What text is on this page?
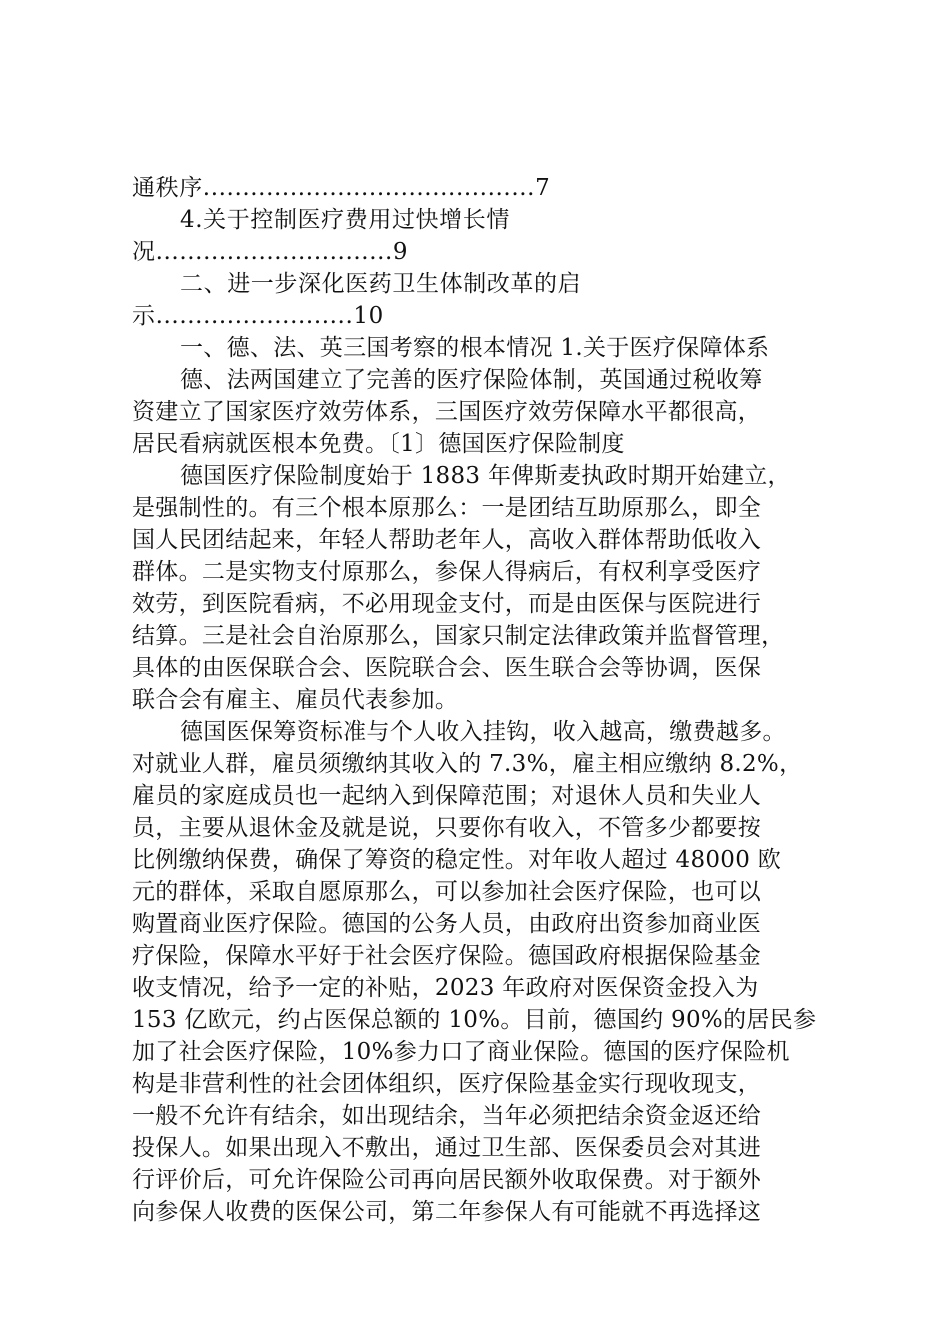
通秩序..........................................7
4.关于控制医疗费用过快增长情
况..............................9
二、进一步深化医药卫生体制改革的启
示.........................10
一、德、法、英三国考察的根本情况 1.关于医疗保障体系
德、法两国建立了完善的医疗保险体制，英国通过税收筹
资建立了国家医疗效劳体系，三国医疗效劳保障水平都很高，
居民看病就医根本免费。〔1〕德国医疗保险制度
德国医疗保险制度始于 1883 年俾斯麦执政时期开始建立，
是强制性的。有三个根本原那么：一是团结互助原那么，即全
国人民团结起来，年轻人帮助老年人，高收入群体帮助低收入
群体。二是实物支付原那么，参保人得病后，有权利享受医疗
效劳，到医院看病，不必用现金支付，而是由医保与医院进行
结算。三是社会自治原那么，国家只制定法律政策并监督管理，
具体的由医保联合会、医院联合会、医生联合会等协调，医保
联合会有雇主、雇员代表参加。
德国医保筹资标准与个人收入挂钩，收入越高，缴费越多。
对就业人群，雇员须缴纳其收入的 7.3%，雇主相应缴纳 8.2%，
雇员的家庭成员也一起纳入到保障范围；对退休人员和失业人
员，主要从退休金及就是说，只要你有收入，不管多少都要按
比例缴纳保费，确保了筹资的稳定性。对年收人超过 48000 欧
元的群体，采取自愿原那么，可以参加社会医疗保险，也可以
购置商业医疗保险。德国的公务人员，由政府出资参加商业医
疗保险，保障水平好于社会医疗保险。德国政府根据保险基金
收支情况，给予一定的补贴，2023 年政府对医保资金投入为
153 亿欧元，约占医保总额的 10%。目前，德国约 90%的居民参
加了社会医疗保险，10%参力口了商业保险。德国的医疗保险机
构是非营利性的社会团体组织，医疗保险基金实行现收现支，
一般不允许有结余，如出现结余，当年必须把结余资金返还给
投保人。如果出现入不敷出，通过卫生部、医保委员会对其进
行评价后，可允许保险公司再向居民额外收取保费。对于额外
向参保人收费的医保公司，第二年参保人有可能就不再选择这
